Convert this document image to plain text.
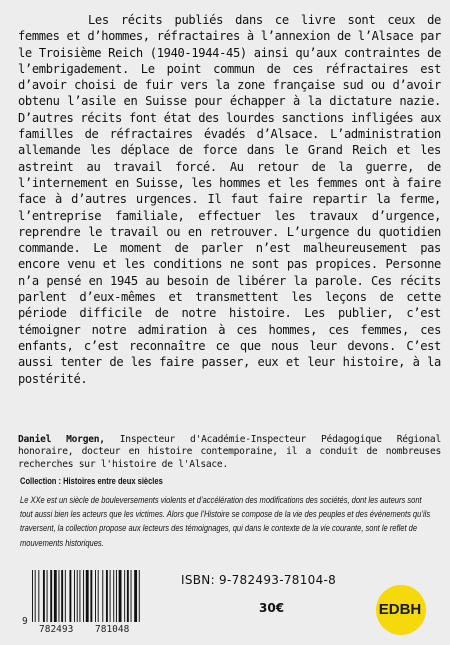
Les récits publiés dans ce livre sont ceux de femmes et d’hommes, réfractaires à l’annexion de l’Alsace par le Troisième Reich (1940-1944-45) ainsi qu’aux contraintes de l’embrigadement. Le point commun de ces réfractaires est d’avoir choisi de fuir vers la zone française sud ou d’avoir obtenu l’asile en Suisse pour échapper à la dictature nazie. D’autres récits font état des lourdes sanctions infligées aux familles de réfractaires évadés d’Alsace. L’administration allemande les déplace de force dans le Grand Reich et les astreint au travail forcé. Au retour de la guerre, de l’internement en Suisse, les hommes et les femmes ont à faire face à d’autres urgences. Il faut faire repartir la ferme, l’entreprise familiale, effectuer les travaux d’urgence, reprendre le travail ou en retrouver. L’urgence du quotidien commande. Le moment de parler n’est malheureusement pas encore venu et les conditions ne sont pas propices. Personne n’a pensé en 1945 au besoin de libérer la parole. Ces récits parlent d’eux-mêmes et transmettent les leçons de cette période difficile de notre histoire. Les publier, c’est témoigner notre admiration à ces hommes, ces femmes, ces enfants, c’est reconnaître ce que nous leur devons. C’est aussi tenter de les faire passer, eux et leur histoire, à la postérité.

Daniel Morgen, Inspecteur d'Académie-Inspecteur Pédagogique Régional honoraire, docteur en histoire contemporaine, il a conduit de nombreuses recherches sur l'histoire de l'Alsace.

Collection : Histoires entre deux siècles

Le XXe est un siècle de bouleversements violents et d’accélération des modifications des sociétés, dont les auteurs sont tout aussi bien les acteurs que les victimes. Alors que l’Histoire se compose de la vie des peuples et des événements qu’ils traversent, la collection propose aux lecteurs des témoignages, qui dans le contexte de la vie courante, sont le reflet de mouvements historiques.

9
782493 781048
ISBN: 9-782493-78104-8
30€	EDBH
